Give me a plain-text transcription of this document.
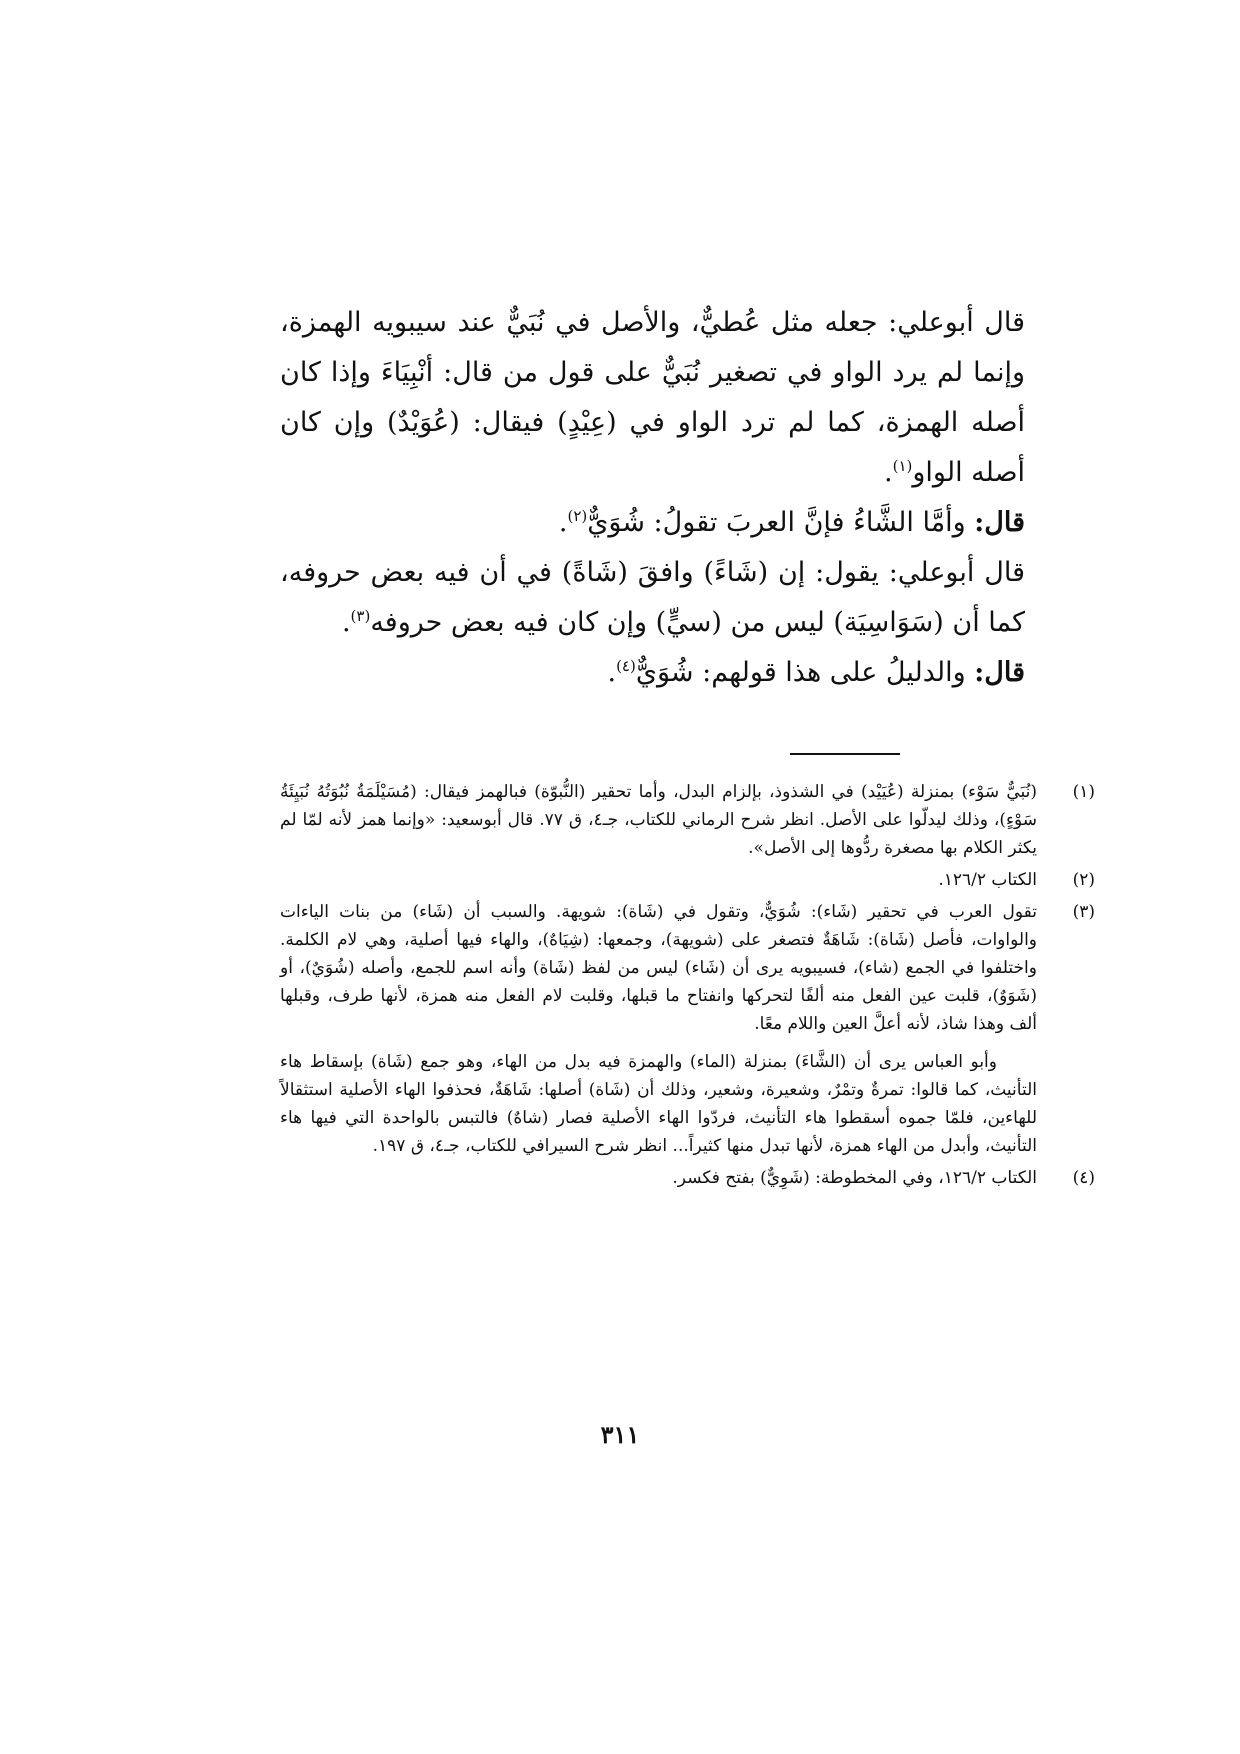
قال أبوعلي: جعله مثل عُطيٌّ، والأصل في نُبَيٌّ عند سيبويه الهمزة، وإنما لم يرد الواو في تصغير نُبَيٌّ على قول من قال: أنْبِيَاءَ وإذا كان أصله الهمزة، كما لم ترد الواو في (عِيْدٍ) فيقال: (عُوَيْدٌ) وإن كان أصله الواو$^{(١)}$.

قال: وأمَّا الشَّاءُ فإنَّ العربَ تقولُ: شُوَيٌّ$^{(٢)}$.

قال أبوعلي: يقول: إن (شَاءً) وافقَ (شَاةً) في أن فيه بعض حروفه، كما أن (سَوَاسِيَة) ليس من (سيٍّ) وإن كان فيه بعض حروفه$^{(٣)}$.

قال: والدليلُ على هذا قولهم: شُوَيٌّ$^{(٤)}$.

(١)

(نُبَيٌّ سَوْء) بمنزلة (عُيَيْد) في الشذوذ، بإلزام البدل، وأما تحقير (النُّبوّة) فبالهمز فيقال: (مُسَيْلَمَةُ نُبُوَتُهُ نُبَيِئَةُ سَوْءٍ)، وذلك ليدلّوا على الأصل. انظر شرح الرماني للكتاب، جـ٤، ق ٧٧. قال أبوسعيد: «وإنما همز لأنه لمّا لم يكثر الكلام بها مصغرة ردُّوها إلى الأصل».

(٢)

الكتاب ١٢٦/٢.

(٣)

تقول العرب في تحقير (شَاء): شُوَيٌّ، وتقول في (شَاة): شويهة. والسبب أن (شَاء) من بنات الياءات والواوات، فأصل (شَاة): شَاهَةٌ فتصغر على (شويهة)، وجمعها: (شِيَاهٌ)، والهاء فيها أصلية، وهي لام الكلمة. واختلفوا في الجمع (شاء)، فسيبويه يرى أن (شَاء) ليس من لفظ (شَاة) وأنه اسم للجمع، وأصله (شُوَيٌ)، أو (شَوَوٌ)، قلبت عين الفعل منه ألفًا لتحركها وانفتاح ما قبلها، وقلبت لام الفعل منه همزة، لأنها طرف، وقبلها ألف وهذا شاذ، لأنه أعلَّ العين واللام معًا.

وأبو العباس يرى أن (الشَّاءَ) بمنزلة (الماء) والهمزة فيه بدل من الهاء، وهو جمع (شَاة) بإسقاط هاء التأنيث، كما قالوا: تمرةٌ وتمْرٌ، وشعيرة، وشعير، وذلك أن (شَاة) أصلها: شَاهَةٌ، فحذفوا الهاء الأصلية استثقالاً للهاءين، فلمّا جموه أسقطوا هاء التأنيث، فردّوا الهاء الأصلية فصار (شاهٌ) فالتبس بالواحدة التي فيها هاء التأنيث، وأبدل من الهاء همزة، لأنها تبدل منها كثيراً... انظر شرح السيرافي للكتاب، جـ٤، ق ١٩٧.

(٤)

الكتاب ١٢٦/٢، وفي المخطوطة: (شَوِيٌّ) بفتح فكسر.

٣١١
